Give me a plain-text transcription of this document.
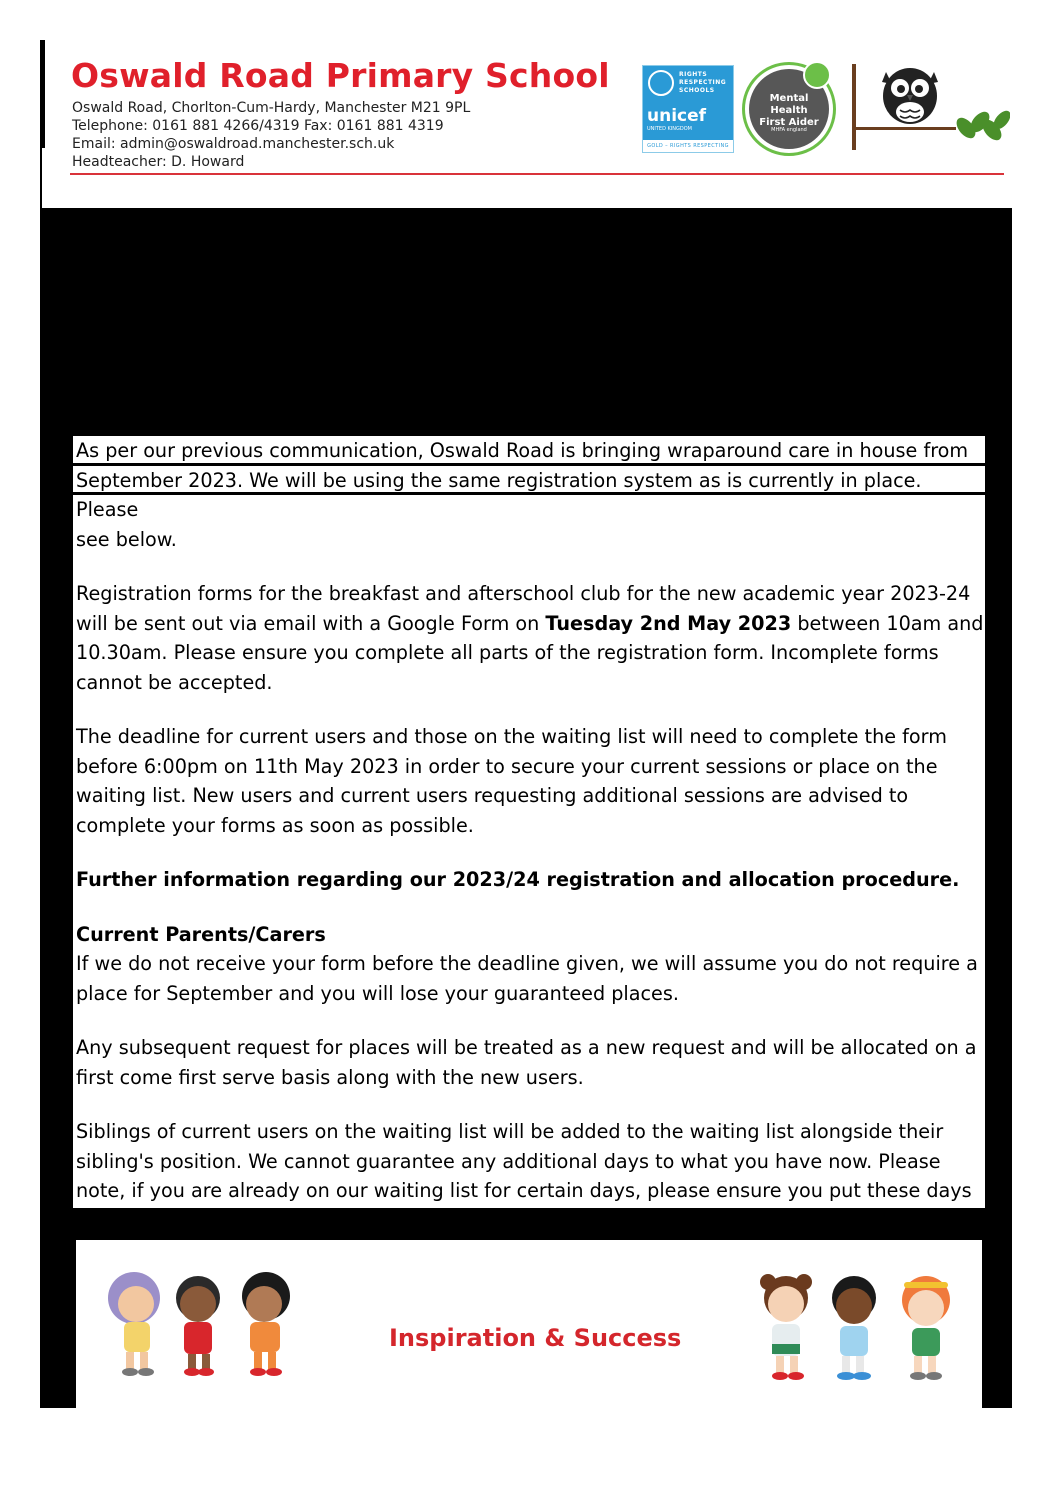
Oswald Road Primary School
Oswald Road, Chorlton-Cum-Hardy, Manchester M21 9PL
Telephone: 0161 881 4266/4319 Fax: 0161 881 4319
Email: admin@oswaldroad.manchester.sch.uk
Headteacher: D. Howard
RIGHTS RESPECTING SCHOOLS
unicef
UNITED KINGDOM
GOLD – RIGHTS RESPECTING
Mental Health First Aider
MHFA england

As per our previous communication, Oswald Road is bringing wraparound care in house from
September 2023. We will be using the same registration system as is currently in place. Please
see below.

Registration forms for the breakfast and afterschool club for the new academic year 2023-24 will be sent out via email with a Google Form on Tuesday 2nd May 2023 between 10am and 10.30am. Please ensure you complete all parts of the registration form. Incomplete forms cannot be accepted.

The deadline for current users and those on the waiting list will need to complete the form before 6:00pm on 11th May 2023 in order to secure your current sessions or place on the waiting list. New users and current users requesting additional sessions are advised to complete your forms as soon as possible.

Further information regarding our 2023/24 registration and allocation procedure.

Current Parents/Carers

If we do not receive your form before the deadline given, we will assume you do not require a place for September and you will lose your guaranteed places.

Any subsequent request for places will be treated as a new request and will be allocated on a first come first serve basis along with the new users.

Siblings of current users on the waiting list will be added to the waiting list alongside their sibling's position. We cannot guarantee any additional days to what you have now. Please note, if you are already on our waiting list for certain days, please ensure you put these days on your new form or you will be removed from the waiting list. Some parents have been

Inspiration & Success
